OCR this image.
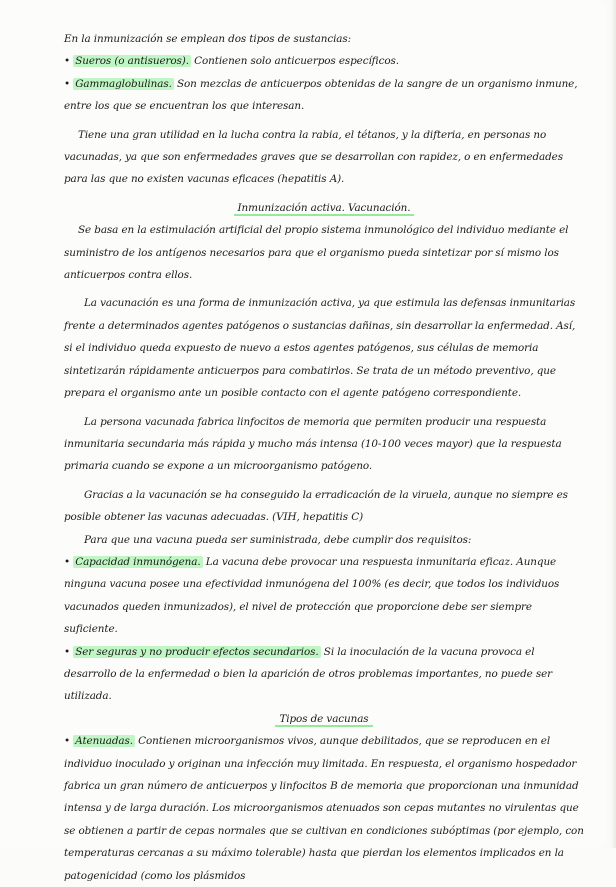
En la inmunización se emplean dos tipos de sustancias:

• Sueros (o antisueros). Contienen solo anticuerpos específicos.

• Gammaglobulinas. Son mezclas de anticuerpos obtenidas de la sangre de un organismo inmune, entre los que se encuentran los que interesan.

Tiene una gran utilidad en la lucha contra la rabia, el tétanos, y la difteria, en personas no vacunadas, ya que son enfermedades graves que se desarrollan con rapidez, o en enfermedades para las que no existen vacunas eficaces (hepatitis A).

Inmunización activa. Vacunación.

Se basa en la estimulación artificial del propio sistema inmunológico del individuo mediante el suministro de los antígenos necesarios para que el organismo pueda sintetizar por sí mismo los anticuerpos contra ellos.

La vacunación es una forma de inmunización activa, ya que estimula las defensas inmunitarias frente a determinados agentes patógenos o sustancias dañinas, sin desarrollar la enfermedad. Así, si el individuo queda expuesto de nuevo a estos agentes patógenos, sus células de memoria sintetizarán rápidamente anticuerpos para combatirlos. Se trata de un método preventivo, que prepara el organismo ante un posible contacto con el agente patógeno correspondiente.

La persona vacunada fabrica linfocitos de memoria que permiten producir una respuesta inmunitaria secundaria más rápida y mucho más intensa (10-100 veces mayor) que la respuesta primaria cuando se expone a un microorganismo patógeno.

Gracias a la vacunación se ha conseguido la erradicación de la viruela, aunque no siempre es posible obtener las vacunas adecuadas. (VIH, hepatitis C)

Para que una vacuna pueda ser suministrada, debe cumplir dos requisitos:

• Capacidad inmunógena. La vacuna debe provocar una respuesta inmunitaria eficaz. Aunque ninguna vacuna posee una efectividad inmunógena del 100% (es decir, que todos los individuos vacunados queden inmunizados), el nivel de protección que proporcione debe ser siempre suficiente.

• Ser seguras y no producir efectos secundarios. Si la inoculación de la vacuna provoca el desarrollo de la enfermedad o bien la aparición de otros problemas importantes, no puede ser utilizada.

Tipos de vacunas

• Atenuadas. Contienen microorganismos vivos, aunque debilitados, que se reproducen en el individuo inoculado y originan una infección muy limitada. En respuesta, el organismo hospedador fabrica un gran número de anticuerpos y linfocitos B de memoria que proporcionan una inmunidad intensa y de larga duración. Los microorganismos atenuados son cepas mutantes no virulentas que se obtienen a partir de cepas normales que se cultivan en condiciones subóptimas (por ejemplo, con temperaturas cercanas a su máximo tolerable) hasta que pierdan los elementos implicados en la patogenicidad (como los plásmidos
